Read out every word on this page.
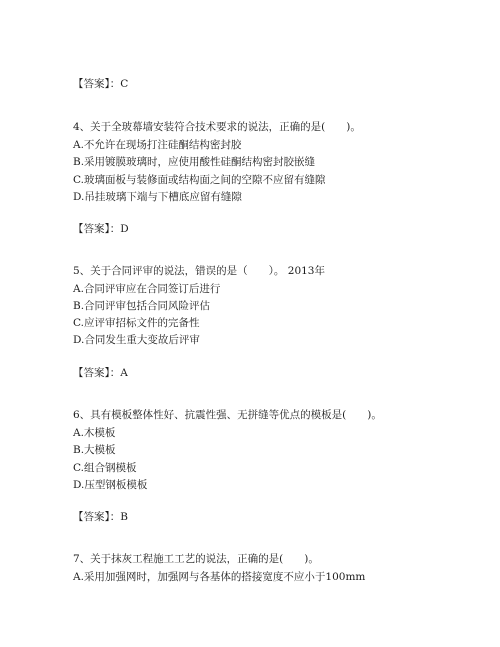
【答案】：C
4、关于全玻幕墙安装符合技术要求的说法，正确的是(　　)。
A.不允许在现场打注硅酮结构密封胶
B.采用镀膜玻璃时，应使用酸性硅酮结构密封胶嵌缝
C.玻璃面板与装修面或结构面之间的空隙不应留有缝隙
D.吊挂玻璃下端与下槽底应留有缝隙
【答案】：D
5、关于合同评审的说法，错误的是（　　）。 2013年
A.合同评审应在合同签订后进行
B.合同评审包括合同风险评估
C.应评审招标文件的完备性
D.合同发生重大变故后评审
【答案】：A
6、具有模板整体性好、抗震性强、无拼缝等优点的模板是(　　)。
A.木模板
B.大模板
C.组合钢模板
D.压型钢板模板
【答案】：B
7、关于抹灰工程施工工艺的说法，正确的是(　　)。
A.采用加强网时，加强网与各基体的搭接宽度不应小于100mm
